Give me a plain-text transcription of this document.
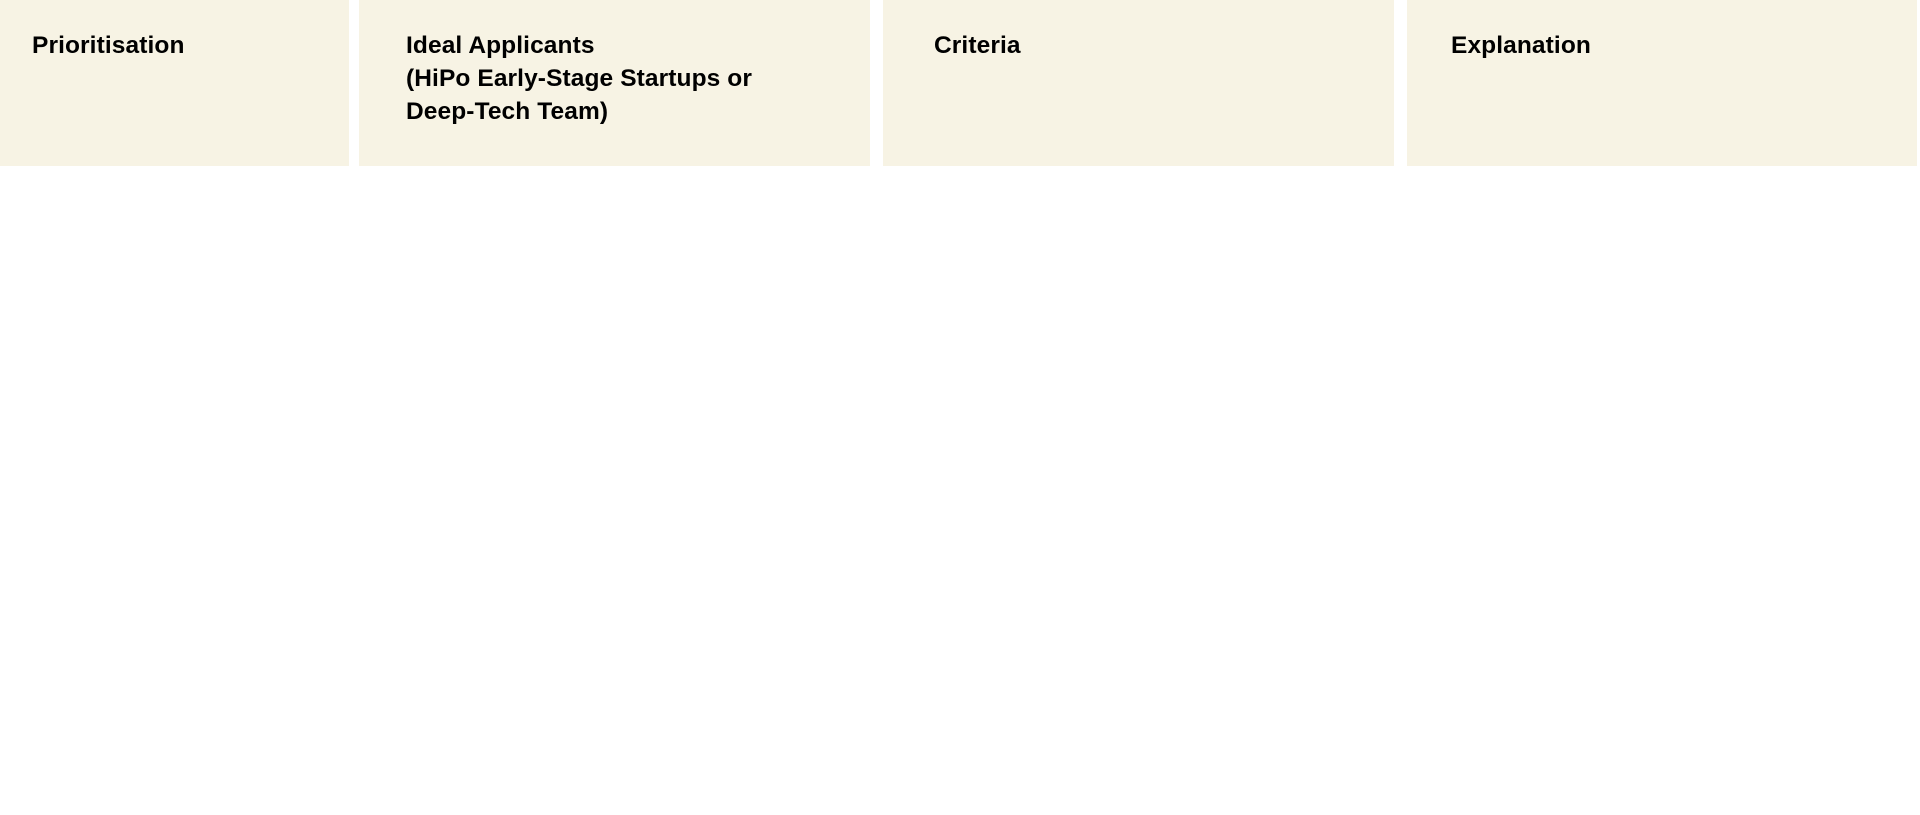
Prioritisation	Ideal Applicants
(HiPo Early-Stage Startups or
Deep-Tech Team)
Criteria	Explanation
